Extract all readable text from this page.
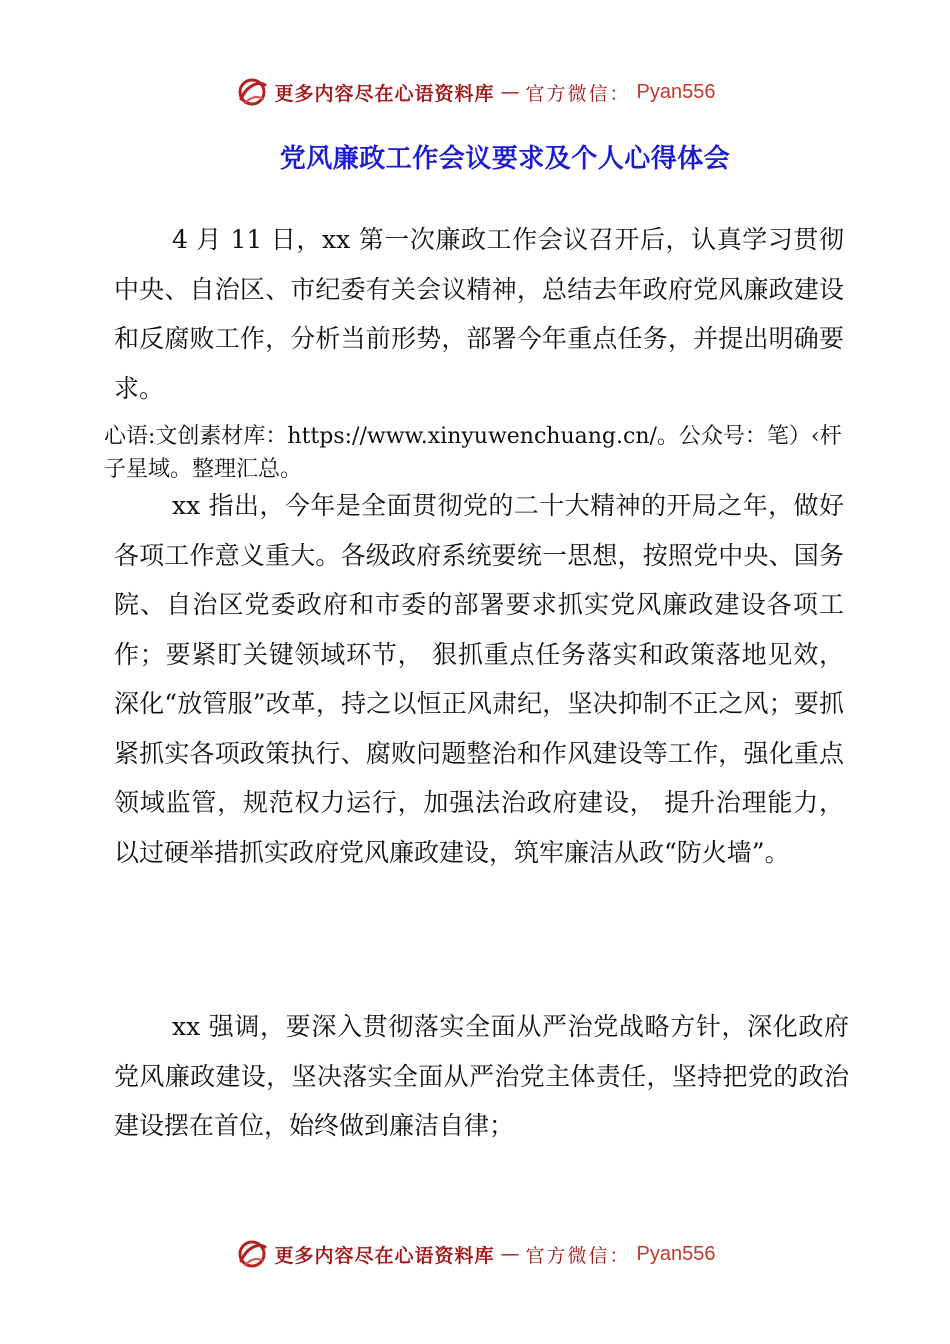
更多内容尽在心语资料库 — 官方微信： Pyan556
党风廉政工作会议要求及个人心得体会

4 月 11 日，xx 第一次廉政工作会议召开后，认真学习贯彻中央、自治区、市纪委有关会议精神，总结去年政府党风廉政建设和反腐败工作，分析当前形势，部署今年重点任务，并提出明确要求。

心语:文创素材库：https://www.xinyuwenchuang.cn/。公众号：笔）‹杆子星域。整理汇总。

xx 指出，今年是全面贯彻党的二十大精神的开局之年，做好各项工作意义重大。各级政府系统要统一思想，按照党中央、国务院、自治区党委政府和市委的部署要求抓实党风廉政建设各项工作；要紧盯关键领域环节， 狠抓重点任务落实和政策落地见效，深化“放管服”改革，持之以恒正风肃纪，坚决抑制不正之风；要抓紧抓实各项政策执行、腐败问题整治和作风建设等工作，强化重点领域监管，规范权力运行，加强法治政府建设， 提升治理能力，以过硬举措抓实政府党风廉政建设，筑牢廉洁从政“防火墙”。

xx 强调，要深入贯彻落实全面从严治党战略方针，深化政府党风廉政建设，坚决落实全面从严治党主体责任，坚持把党的政治建设摆在首位，始终做到廉洁自律；

更多内容尽在心语资料库 — 官方微信： Pyan556
